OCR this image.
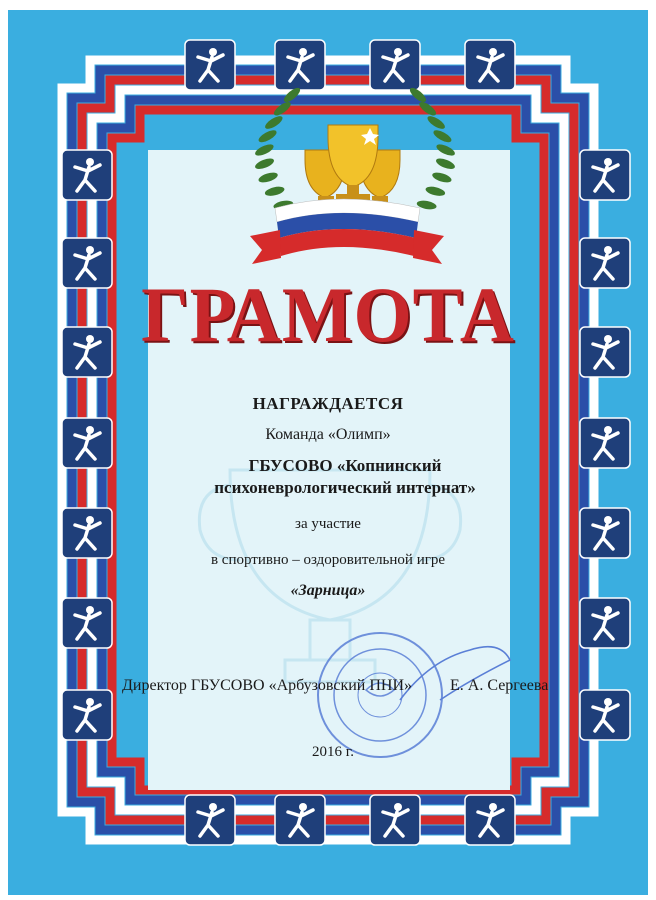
ГРАМОТА
НАГРАЖДАЕТСЯ
Команда «Олимп»
ГБУСОВО «Копнинский психоневрологический интернат»
за участие
в спортивно – оздоровительной игре
«Зарница»
Директор ГБУСОВО «Арбузовский ПНИ» Е. А. Сергеева
2016 г.
